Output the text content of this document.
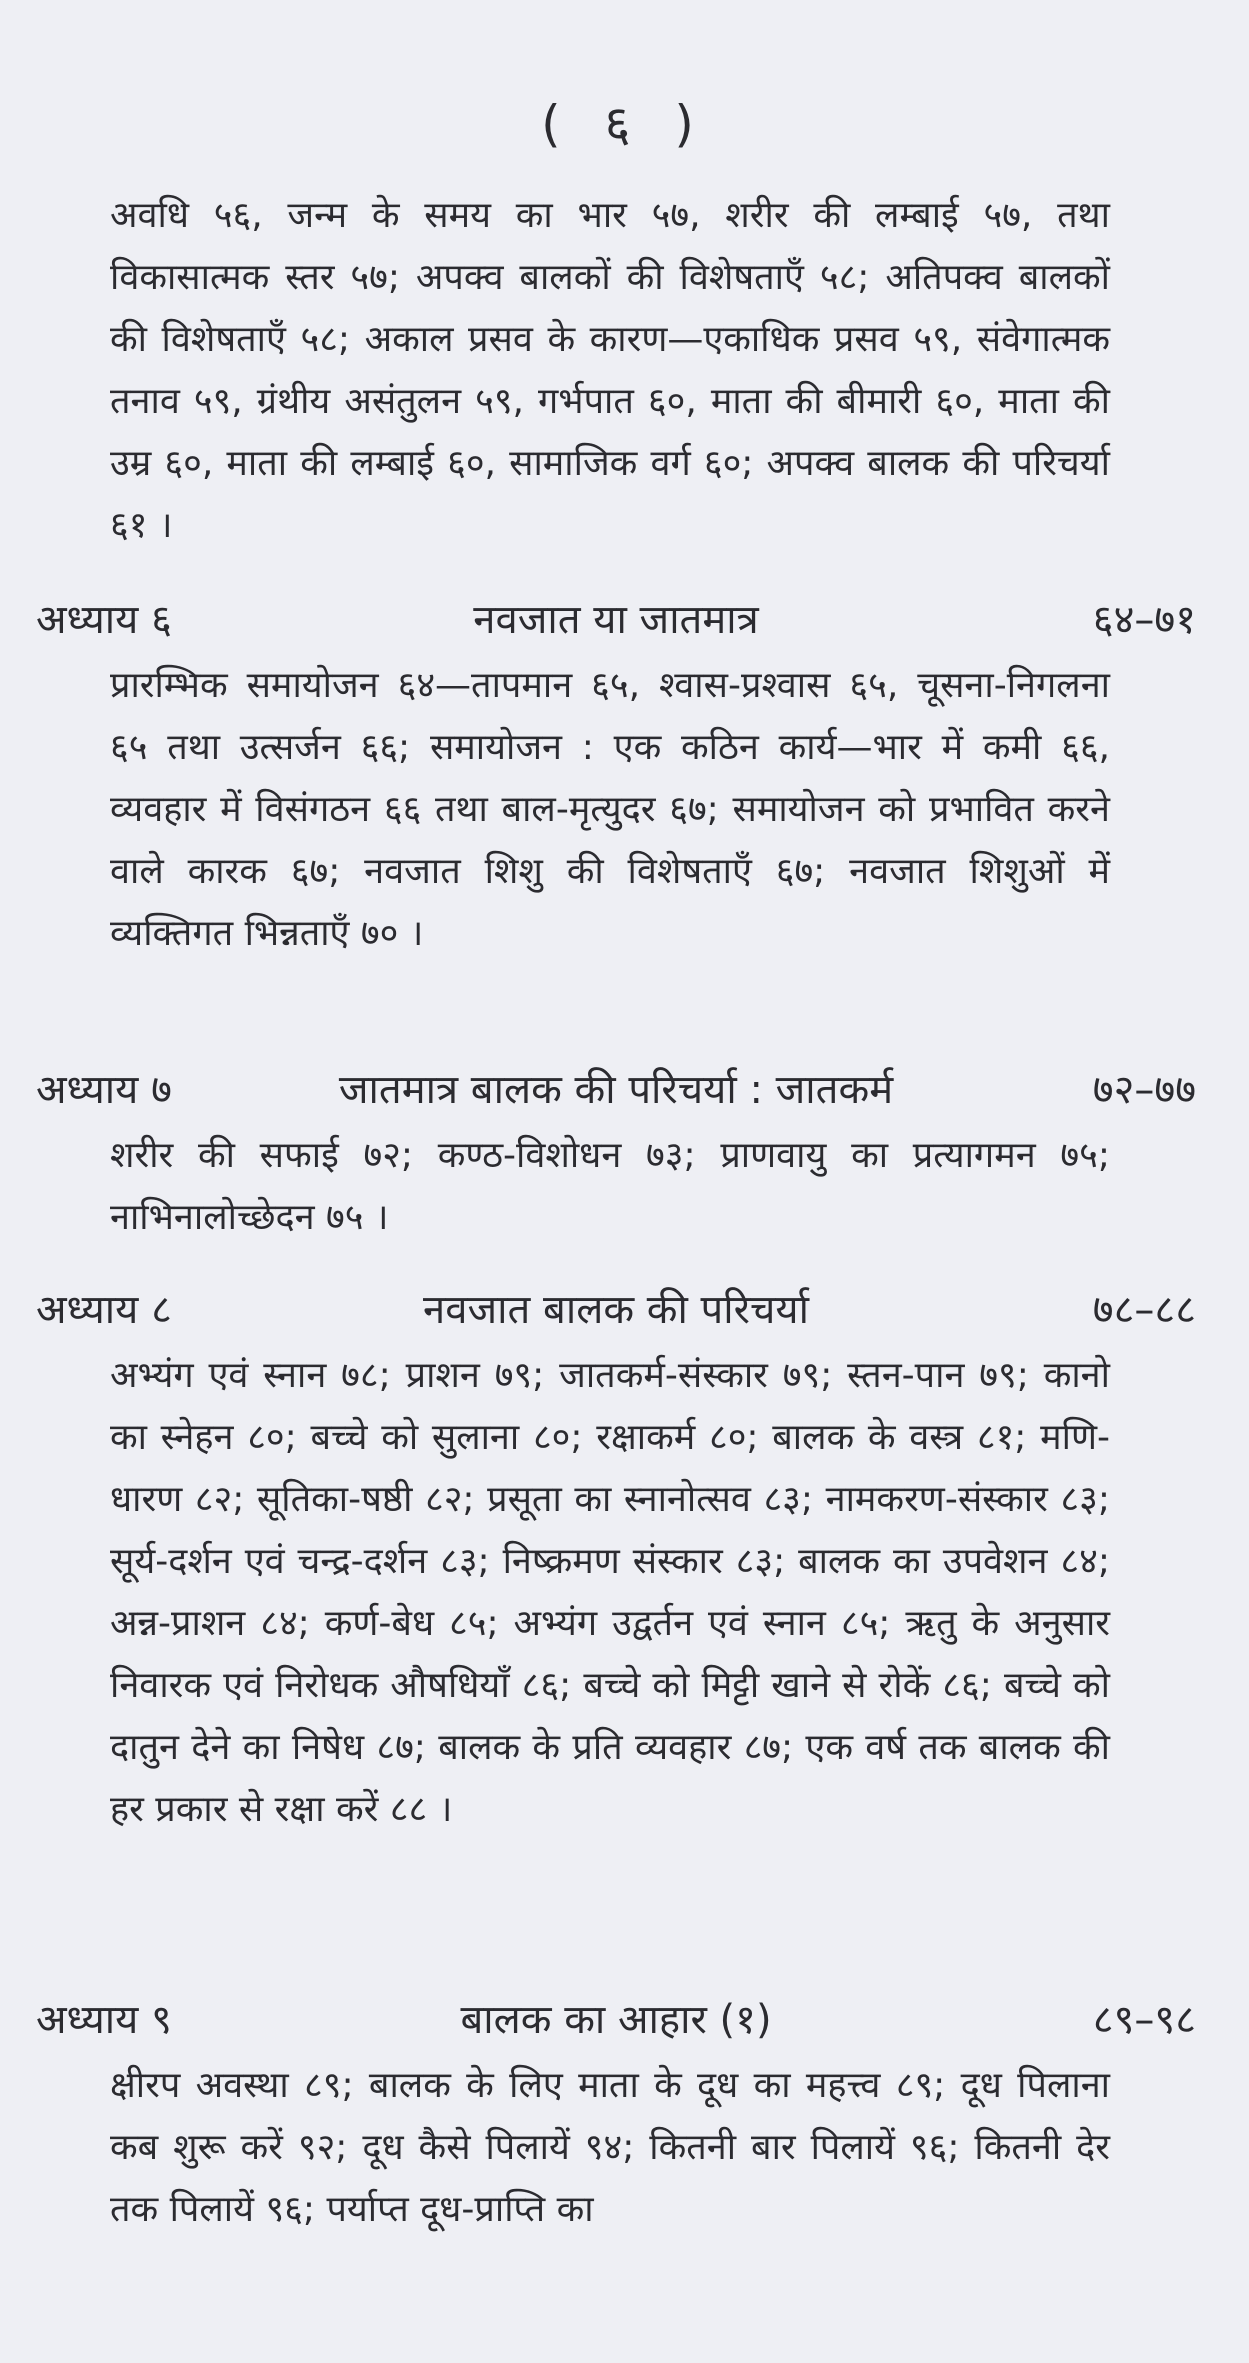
( ६ )

अवधि ५६, जन्म के समय का भार ५७, शरीर की लम्बाई ५७, तथा विकासात्मक स्तर ५७; अपक्व बालकों की विशेषताएँ ५८; अतिपक्व बालकों की विशेषताएँ ५८; अकाल प्रसव के कारण—एकाधिक प्रसव ५९, संवेगात्मक तनाव ५९, ग्रंथीय असंतुलन ५९, गर्भपात ६०, माता की बीमारी ६०, माता की उम्र ६०, माता की लम्बाई ६०, सामाजिक वर्ग ६०; अपक्व बालक की परिचर्या ६१ ।

अध्याय ६	नवजात या जातमात्र	६४–७१

प्रारम्भिक समायोजन ६४—तापमान ६५, श्वास-प्रश्वास ६५, चूसना-निगलना ६५ तथा उत्सर्जन ६६; समायोजन : एक कठिन कार्य—भार में कमी ६६, व्यवहार में विसंगठन ६६ तथा बाल-मृत्युदर ६७; समायोजन को प्रभावित करने वाले कारक ६७; नवजात शिशु की विशेषताएँ ६७; नवजात शिशुओं में व्यक्तिगत भिन्नताएँ ७० ।

अध्याय ७	जातमात्र बालक की परिचर्या : जातकर्म	७२–७७

शरीर की सफाई ७२; कण्ठ-विशोधन ७३; प्राणवायु का प्रत्यागमन ७५; नाभिनालोच्छेदन ७५ ।

अध्याय ८	नवजात बालक की परिचर्या	७८–८८

अभ्यंग एवं स्नान ७८; प्राशन ७९; जातकर्म-संस्कार ७९; स्तन-पान ७९; कानो का स्नेहन ८०; बच्चे को सुलाना ८०; रक्षाकर्म ८०; बालक के वस्त्र ८१; मणि-धारण ८२; सूतिका-षष्ठी ८२; प्रसूता का स्नानोत्सव ८३; नामकरण-संस्कार ८३; सूर्य-दर्शन एवं चन्द्र-दर्शन ८३; निष्क्रमण संस्कार ८३; बालक का उपवेशन ८४; अन्न-प्राशन ८४; कर्ण-बेध ८५; अभ्यंग उद्वर्तन एवं स्नान ८५; ऋतु के अनुसार निवारक एवं निरोधक औषधियाँ ८६; बच्चे को मिट्टी खाने से रोकें ८६; बच्चे को दातुन देने का निषेध ८७; बालक के प्रति व्यवहार ८७; एक वर्ष तक बालक की हर प्रकार से रक्षा करें ८८ ।

अध्याय ९	बालक का आहार (१)	८९–९८

क्षीरप अवस्था ८९; बालक के लिए माता के दूध का महत्त्व ८९; दूध पिलाना कब शुरू करें ९२; दूध कैसे पिलायें ९४; कितनी बार पिलायें ९६; कितनी देर तक पिलायें ९६; पर्याप्त दूध-प्राप्ति का
